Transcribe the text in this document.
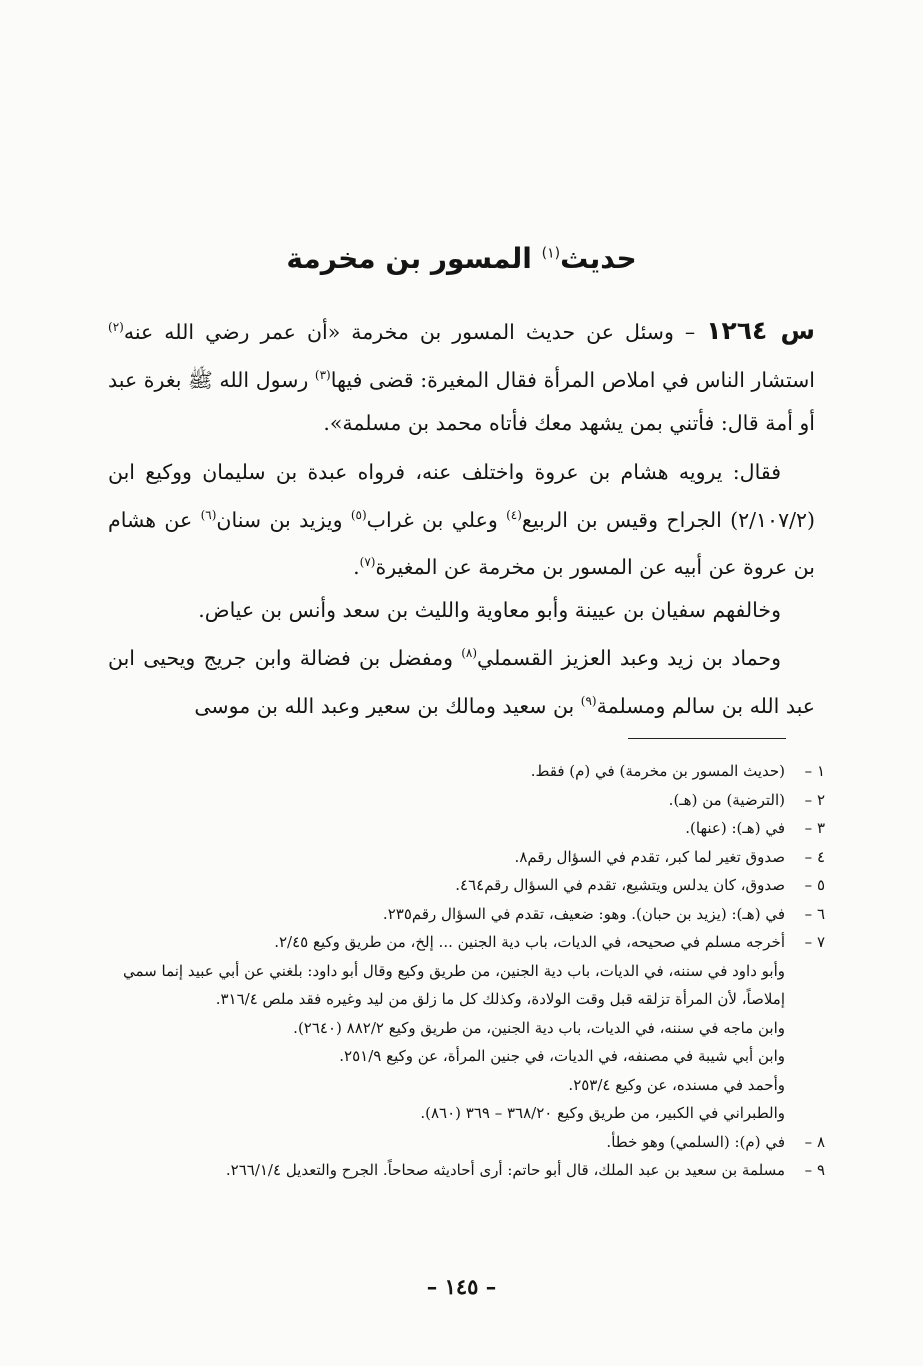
حديث$^{(١)}$ المسور بن مخرمة

س ١٢٦٤ – وسئل عن حديث المسور بن مخرمة «أن عمر رضي الله عنه$^{(٢)}$ استشار الناس في املاص المرأة فقال المغيرة: قضى فيها$^{(٣)}$ رسول الله ﷺ بغرة عبد أو أمة قال: فأتني بمن يشهد معك فأتاه محمد بن مسلمة».

فقال: يرويه هشام بن عروة واختلف عنه، فرواه عبدة بن سليمان ووكيع ابن (٢/١٠٧/٢) الجراح وقيس بن الربيع$^{(٤)}$ وعلي بن غراب$^{(٥)}$ ويزيد بن سنان$^{(٦)}$ عن هشام بن عروة عن أبيه عن المسور بن مخرمة عن المغيرة$^{(٧)}$.

وخالفهم سفيان بن عيينة وأبو معاوية والليث بن سعد وأنس بن عياض.

وحماد بن زيد وعبد العزيز القسملي$^{(٨)}$ ومفضل بن فضالة وابن جريج ويحيى ابن عبد الله بن سالم ومسلمة$^{(٩)}$ بن سعيد ومالك بن سعير وعبد الله بن موسى

١ –
(حديث المسور بن مخرمة) في (م) فقط.
٢ –
(الترضية) من (هـ).
٣ –
في (هـ): (عنها).
٤ –
صدوق تغير لما كبر، تقدم في السؤال رقم٨.
٥ –
صدوق، كان يدلس ويتشيع، تقدم في السؤال رقم٤٦٤.
٦ –
في (هـ): (يزيد بن حبان). وهو: ضعيف، تقدم في السؤال رقم٢٣٥.
٧ –
أخرجه مسلم في صحيحه، في الديات، باب دية الجنين ... إلخ، من طريق وكيع ٢/٤٥.
وأبو داود في سننه، في الديات، باب دية الجنين، من طريق وكيع وقال أبو داود: بلغني عن أبي عبيد إنما سمي إملاصاً، لأن المرأة تزلقه قبل وقت الولادة، وكذلك كل ما زلق من ليد وغيره فقد ملص ٣١٦/٤.
وابن ماجه في سننه، في الديات، باب دية الجنين، من طريق وكيع ٨٨٢/٢ (٢٦٤٠).
وابن أبي شيبة في مصنفه، في الديات، في جنين المرأة، عن وكيع ٢٥١/٩.
وأحمد في مسنده، عن وكيع ٢٥٣/٤.
والطبراني في الكبير، من طريق وكيع ٣٦٨/٢٠ – ٣٦٩ (٨٦٠).
٨ –
في (م): (السلمي) وهو خطأ.
٩ –
مسلمة بن سعيد بن عبد الملك، قال أبو حاتم: أرى أحاديثه صحاحاً. الجرح والتعديل ٢٦٦/١/٤.
– ١٤٥ –
